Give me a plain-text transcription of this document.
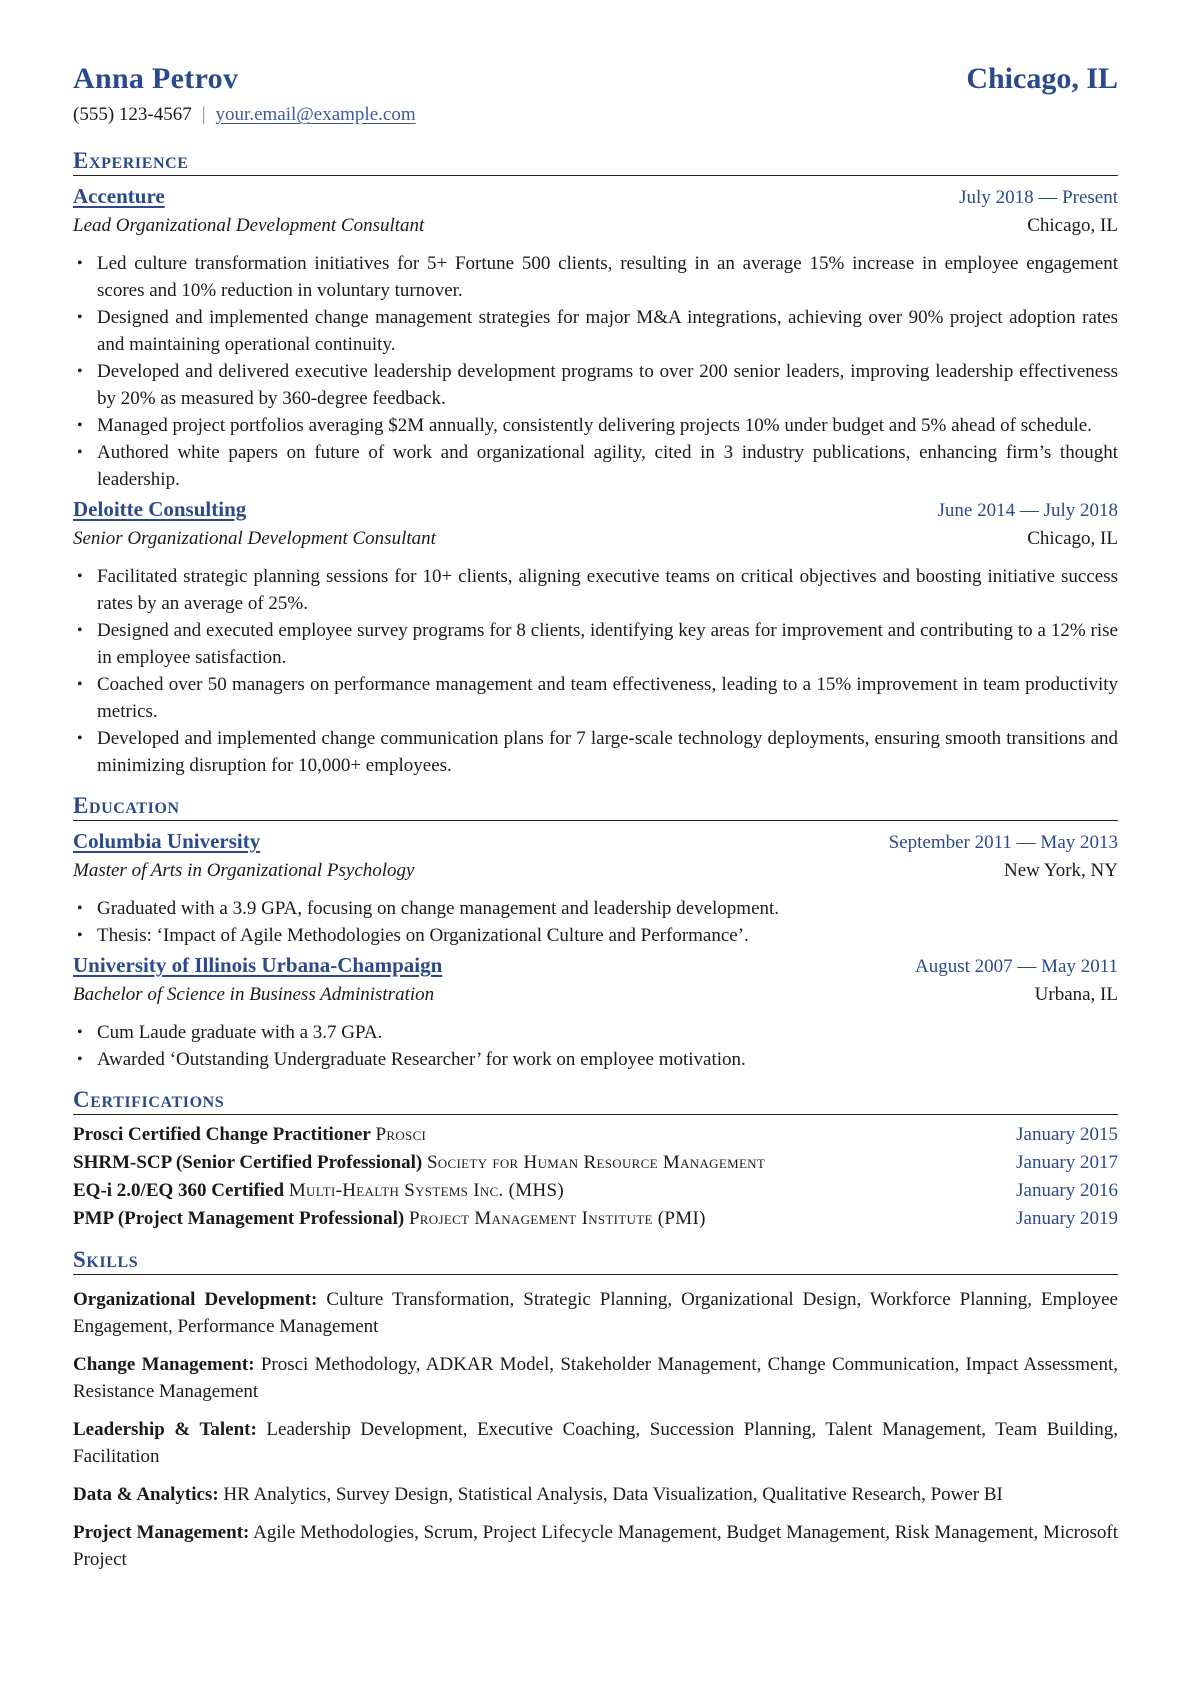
Anna Petrov	Chicago, IL
(555) 123-4567 | your.email@example.com
Experience
Accenture	July 2018 — Present
Lead Organizational Development Consultant	Chicago, IL
• Led culture transformation initiatives for 5+ Fortune 500 clients, resulting in an average 15% increase in employee engagement scores and 10% reduction in voluntary turnover.
• Designed and implemented change management strategies for major M&A integrations, achieving over 90% project adoption rates and maintaining operational continuity.
• Developed and delivered executive leadership development programs to over 200 senior leaders, improving leadership effectiveness by 20% as measured by 360-degree feedback.
• Managed project portfolios averaging $2M annually, consistently delivering projects 10% under budget and 5% ahead of schedule.
• Authored white papers on future of work and organizational agility, cited in 3 industry publications, enhancing firm’s thought leadership.
Deloitte Consulting	June 2014 — July 2018
Senior Organizational Development Consultant	Chicago, IL
• Facilitated strategic planning sessions for 10+ clients, aligning executive teams on critical objectives and boosting initiative success rates by an average of 25%.
• Designed and executed employee survey programs for 8 clients, identifying key areas for improvement and contributing to a 12% rise in employee satisfaction.
• Coached over 50 managers on performance management and team effectiveness, leading to a 15% improvement in team productivity metrics.
• Developed and implemented change communication plans for 7 large-scale technology deployments, ensuring smooth transitions and minimizing disruption for 10,000+ employees.
Education
Columbia University	September 2011 — May 2013
Master of Arts in Organizational Psychology	New York, NY
• Graduated with a 3.9 GPA, focusing on change management and leadership development.
• Thesis: ‘Impact of Agile Methodologies on Organizational Culture and Performance’.
University of Illinois Urbana-Champaign	August 2007 — May 2011
Bachelor of Science in Business Administration	Urbana, IL
• Cum Laude graduate with a 3.7 GPA.
• Awarded ‘Outstanding Undergraduate Researcher’ for work on employee motivation.
Certifications
Prosci Certified Change Practitioner Prosci	January 2015
SHRM-SCP (Senior Certified Professional) Society for Human Resource Management	January 2017
EQ-i 2.0/EQ 360 Certified Multi-Health Systems Inc. (MHS)	January 2016
PMP (Project Management Professional) Project Management Institute (PMI)	January 2019
Skills
Organizational Development: Culture Transformation, Strategic Planning, Organizational Design, Workforce Planning, Employee Engagement, Performance Management
Change Management: Prosci Methodology, ADKAR Model, Stakeholder Management, Change Communication, Impact Assessment, Resistance Management
Leadership & Talent: Leadership Development, Executive Coaching, Succession Planning, Talent Management, Team Building, Facilitation
Data & Analytics: HR Analytics, Survey Design, Statistical Analysis, Data Visualization, Qualitative Research, Power BI
Project Management: Agile Methodologies, Scrum, Project Lifecycle Management, Budget Management, Risk Management, Microsoft Project
